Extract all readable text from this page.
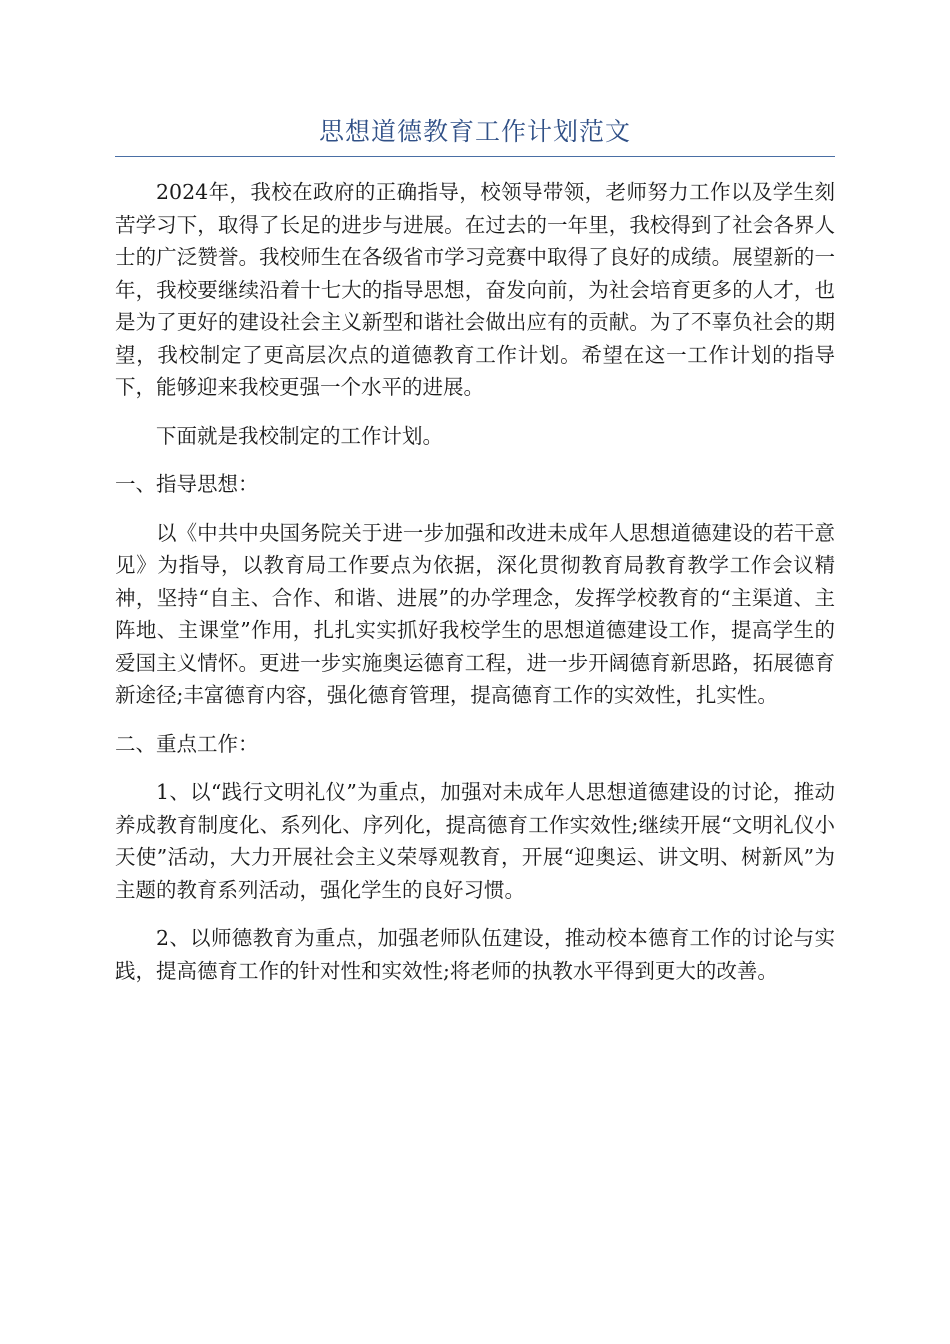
思想道德教育工作计划范文

2024年，我校在政府的正确指导，校领导带领，老师努力工作以及学生刻苦学习下，取得了长足的进步与进展。在过去的一年里，我校得到了社会各界人士的广泛赞誉。我校师生在各级省市学习竞赛中取得了良好的成绩。展望新的一年，我校要继续沿着十七大的指导思想，奋发向前，为社会培育更多的人才，也是为了更好的建设社会主义新型和谐社会做出应有的贡献。为了不辜负社会的期望，我校制定了更高层次点的道德教育工作计划。希望在这一工作计划的指导下，能够迎来我校更强一个水平的进展。

下面就是我校制定的工作计划。

一、指导思想：

以《中共中央国务院关于进一步加强和改进未成年人思想道德建设的若干意见》为指导，以教育局工作要点为依据，深化贯彻教育局教育教学工作会议精神，坚持“自主、合作、和谐、进展”的办学理念，发挥学校教育的“主渠道、主阵地、主课堂”作用，扎扎实实抓好我校学生的思想道德建设工作，提高学生的爱国主义情怀。更进一步实施奥运德育工程，进一步开阔德育新思路，拓展德育新途径;丰富德育内容，强化德育管理，提高德育工作的实效性，扎实性。

二、重点工作：

1、以“践行文明礼仪”为重点，加强对未成年人思想道德建设的讨论，推动养成教育制度化、系列化、序列化，提高德育工作实效性;继续开展“文明礼仪小天使”活动，大力开展社会主义荣辱观教育，开展“迎奥运、讲文明、树新风”为主题的教育系列活动，强化学生的良好习惯。

2、以师德教育为重点，加强老师队伍建设，推动校本德育工作的讨论与实践，提高德育工作的针对性和实效性;将老师的执教水平得到更大的改善。
